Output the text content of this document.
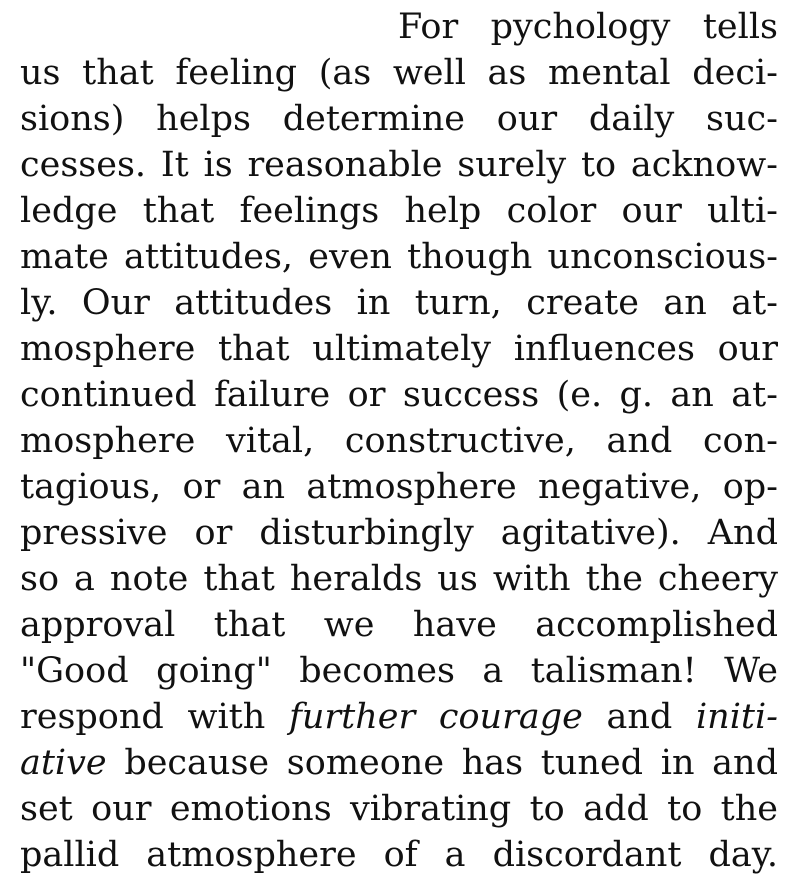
For pychology tells
us that feeling (as well as mental deci-
sions) helps determine our daily suc-
cesses. It is reasonable surely to acknow-
ledge that feelings help color our ulti-
mate attitudes, even though unconscious-
ly. Our attitudes in turn, create an at-
mosphere that ultimately influences our
continued failure or success (e. g. an at-
mosphere vital, constructive, and con-
tagious, or an atmosphere negative, op-
pressive or disturbingly agitative). And
so a note that heralds us with the cheery
approval that we have accomplished
"Good going" becomes a talisman! We
respond with further courage and initi-
ative because someone has tuned in and
set our emotions vibrating to add to the
pallid atmosphere of a discordant day.
